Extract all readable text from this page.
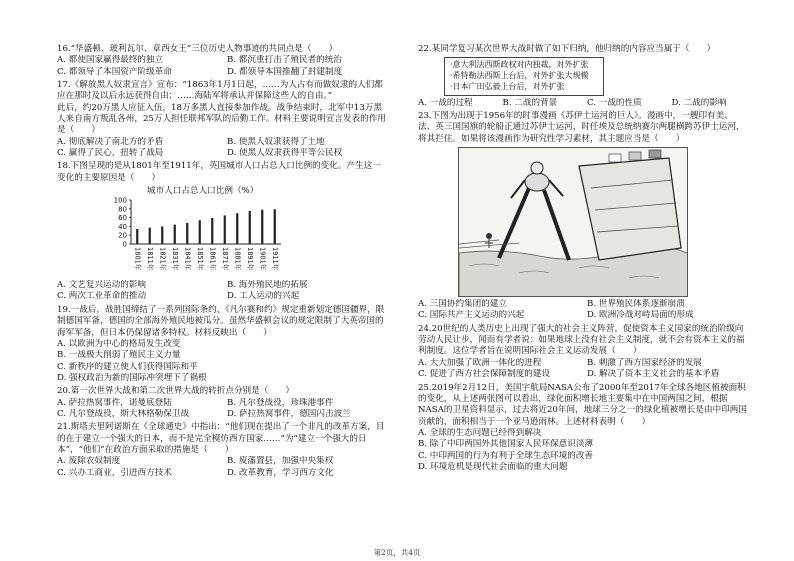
16.“华盛顿、玻利瓦尔、章西女王”三位历史人物事迹的共同点是（　　）
A. 都使国家赢得最终的独立	B. 都沉重打击了殖民者的统治
C. 都领导了本国资产阶级革命	D. 都领导本国推翻了封建制度
17.《解放黑人奴隶宣言》宣布：“1863年1月1日起，……为人占有而做奴隶的人们都应在那时及以后永远获得自由；……海陆军将承认并保障这些人的自由。”
此后，约20万黑人应征入伍，18万多黑人直接参加作战。战争结束时，北军中13万黑人来自南方叛乱各州，25万人担任联邦军队的后勤工作。材料主要说明宣言发表的作用是（　　）
A. 彻底解决了南北方的矛盾	B. 使黑人奴隶获得了土地
C. 赢得了民心，扭转了战局	D. 使黑人奴隶获得平等公民权
18.下图呈现的是从1801年至1911年，英国城市人口占总人口比例的变化。产生这一变化的主要原因是（　　）
城市人口占总人口比例（%）
0
20
40
60
80
100
1801年 1811年 1821年 1831年 1841年 1851年 1861年 1871年 1881年 1891年 1901年 1911年
A. 文艺复兴运动的影响	B. 海外殖民地的拓展
C. 两次工业革命的推动	D. 工人运动的兴起
19.一战后，战胜国缔结了一系列国际条约，《凡尔赛和约》规定重新划定德国疆界，限制德国军备，德国的全部海外殖民地被瓜分。虽然华盛顿会议的规定限制了大英帝国的海军军备，但日本仍保留诸多特权。材料反映出（　　）
A. 以欧洲为中心的格局发生改变
B. 一战极大削弱了殖民主义力量
C. 新秩序的建立使人们获得国际和平
D. 强权政治为新的国际冲突埋下了祸根
20.第一次世界大战和第二次世界大战的转折点分别是（　　）
A. 萨拉热窝事件，诺曼底登陆	B. 凡尔登战役，珍珠港事件
C. 凡尔登战役，斯大林格勒保卫战	D. 萨拉热窝事件，德国闪击波兰
21.斯塔夫里阿诺斯在《全球通史》中指出：“他们现在提出了一个非凡的改革方案，目的在于建立一个强大的日本，而不是完全模仿西方国家……”为“建立一个强大的日本”，“他们”在政治方面采取的措施是（　　）
A. 废除农奴制度	B. 废藩置县，加强中央集权
C. 兴办工商业，引进西方技术	D. 改革教育，学习西方文化
22.某同学复习某次世界大战时做了如下归纳，他归纳的内容应当属于（　　）
·意大利法西斯政权对内独裁，对外扩张
·希特勒法西斯上台后，对外扩张大规模
·日本广田弘毅上台后，对外扩张
A. 一战的过程	B. 二战的背景	C. 一战的性质	D. 二战的影响
23.下图为出现于1956年的时事漫画《苏伊士运河的巨人》。漫画中，一艘印有美、法、英三国国旗的轮船正通过苏伊士运河，时任埃及总统纳赛尔两腿横跨苏伊士运河，将其拦住。如果将该漫画作为研究性学习素材，其主题应当是（　　）
A. 三国协约集团的建立	B. 世界殖民体系逐渐崩溃
C. 国际共产主义运动的兴起	D. 欧洲冷战对峙局面的形成
24.20世纪的人类历史上出现了强大的社会主义阵营，促使资本主义国家的统治阶级向劳动人民让步，闻而有学者说：如果地球上没有社会主义制度，就不会有资本主义的福利制度。这位学者旨在说明国际社会主义运动发展（　　）
A. 大大加强了欧洲一体化的进程	B. 刺激了西方国家经济的发展
C. 促进了西方社会保障制度的建设	D. 解决了资本主义社会的基本矛盾
25.2019年2月12日，美国宇航局NASA公布了2000年至2017年全球各地区植被面积的变化，从上述两张图可以看出，绿化面积增长地主要集中在中国两国之间，根据NASA的卫星资料显示，过去将近20年间，地球三分之一的绿化植被增长是由中印两国贡献的，面积相当于一个亚马逊雨林。上述材料表明（　　）
A. 全球的生态问题已经得到解决
B. 除了中印两国外其他国家人民环保意识淡薄
C. 中印两国的行为有利于全球生态环境的改善
D. 环境危机是现代社会面临的重大问题
第2页，共4页
